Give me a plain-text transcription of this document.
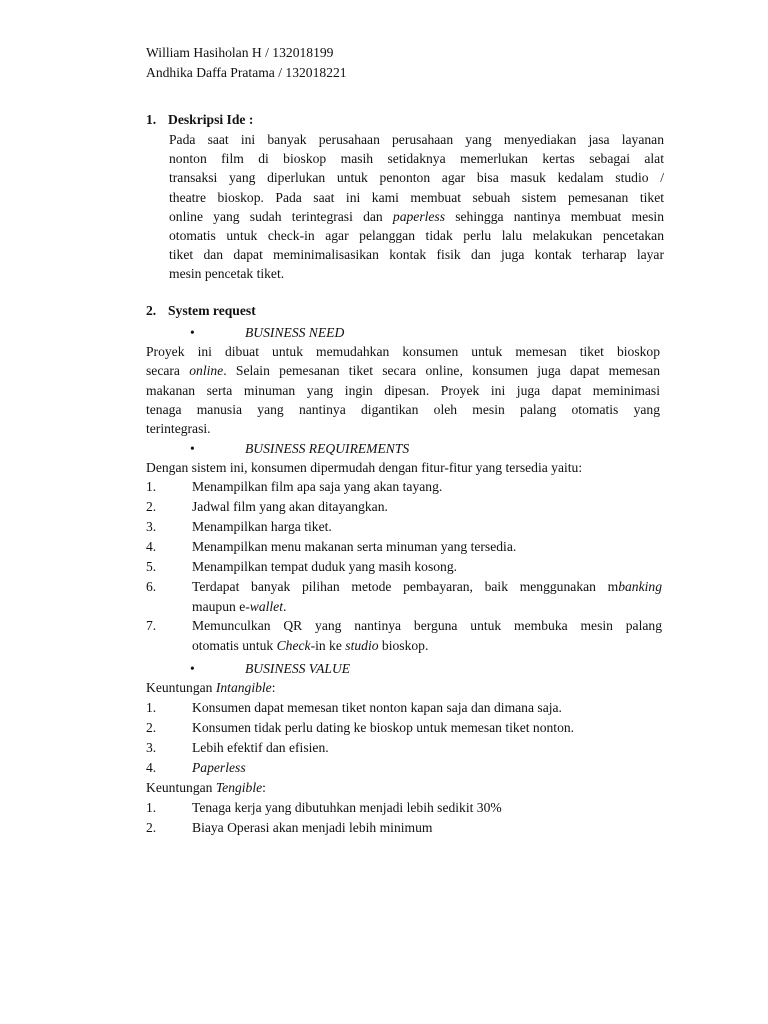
William Hasiholan H / 132018199
Andhika Daffa Pratama / 132018221
1. Deskripsi Ide :
Pada saat ini banyak perusahaan perusahaan yang menyediakan jasa layanan
nonton film di bioskop masih setidaknya memerlukan kertas sebagai alat
transaksi yang diperlukan untuk penonton agar bisa masuk kedalam studio /
theatre bioskop. Pada saat ini kami membuat sebuah sistem pemesanan tiket
online yang sudah terintegrasi dan paperless sehingga nantinya membuat mesin
otomatis untuk check-in agar pelanggan tidak perlu lalu melakukan pencetakan
tiket dan dapat meminimalisasikan kontak fisik dan juga kontak terharap layar
mesin pencetak tiket.
2. System request
•	BUSINESS NEED
Proyek ini dibuat untuk memudahkan konsumen untuk memesan tiket bioskop
secara online. Selain pemesanan tiket secara online, konsumen juga dapat memesan
makanan serta minuman yang ingin dipesan. Proyek ini juga dapat meminimasi
tenaga manusia yang nantinya digantikan oleh mesin palang otomatis yang
terintegrasi.
•	BUSINESS REQUIREMENTS
Dengan sistem ini, konsumen dipermudah dengan fitur-fitur yang tersedia yaitu:
1.	Menampilkan film apa saja yang akan tayang.
2.	Jadwal film yang akan ditayangkan.
3.	Menampilkan harga tiket.
4.	Menampilkan menu makanan serta minuman yang tersedia.
5.	Menampilkan tempat duduk yang masih kosong.
6.	Terdapat banyak pilihan metode pembayaran, baik menggunakan mbanking
maupun e-wallet.
7.	Memunculkan QR yang nantinya berguna untuk membuka mesin palang
otomatis untuk Check-in ke studio bioskop.
•	BUSINESS VALUE
Keuntungan Intangible:
1.	Konsumen dapat memesan tiket nonton kapan saja dan dimana saja.
2.	Konsumen tidak perlu dating ke bioskop untuk memesan tiket nonton.
3.	Lebih efektif dan efisien.
4.	Paperless
Keuntungan Tengible:
1.	Tenaga kerja yang dibutuhkan menjadi lebih sedikit 30%
2.	Biaya Operasi akan menjadi lebih minimum
